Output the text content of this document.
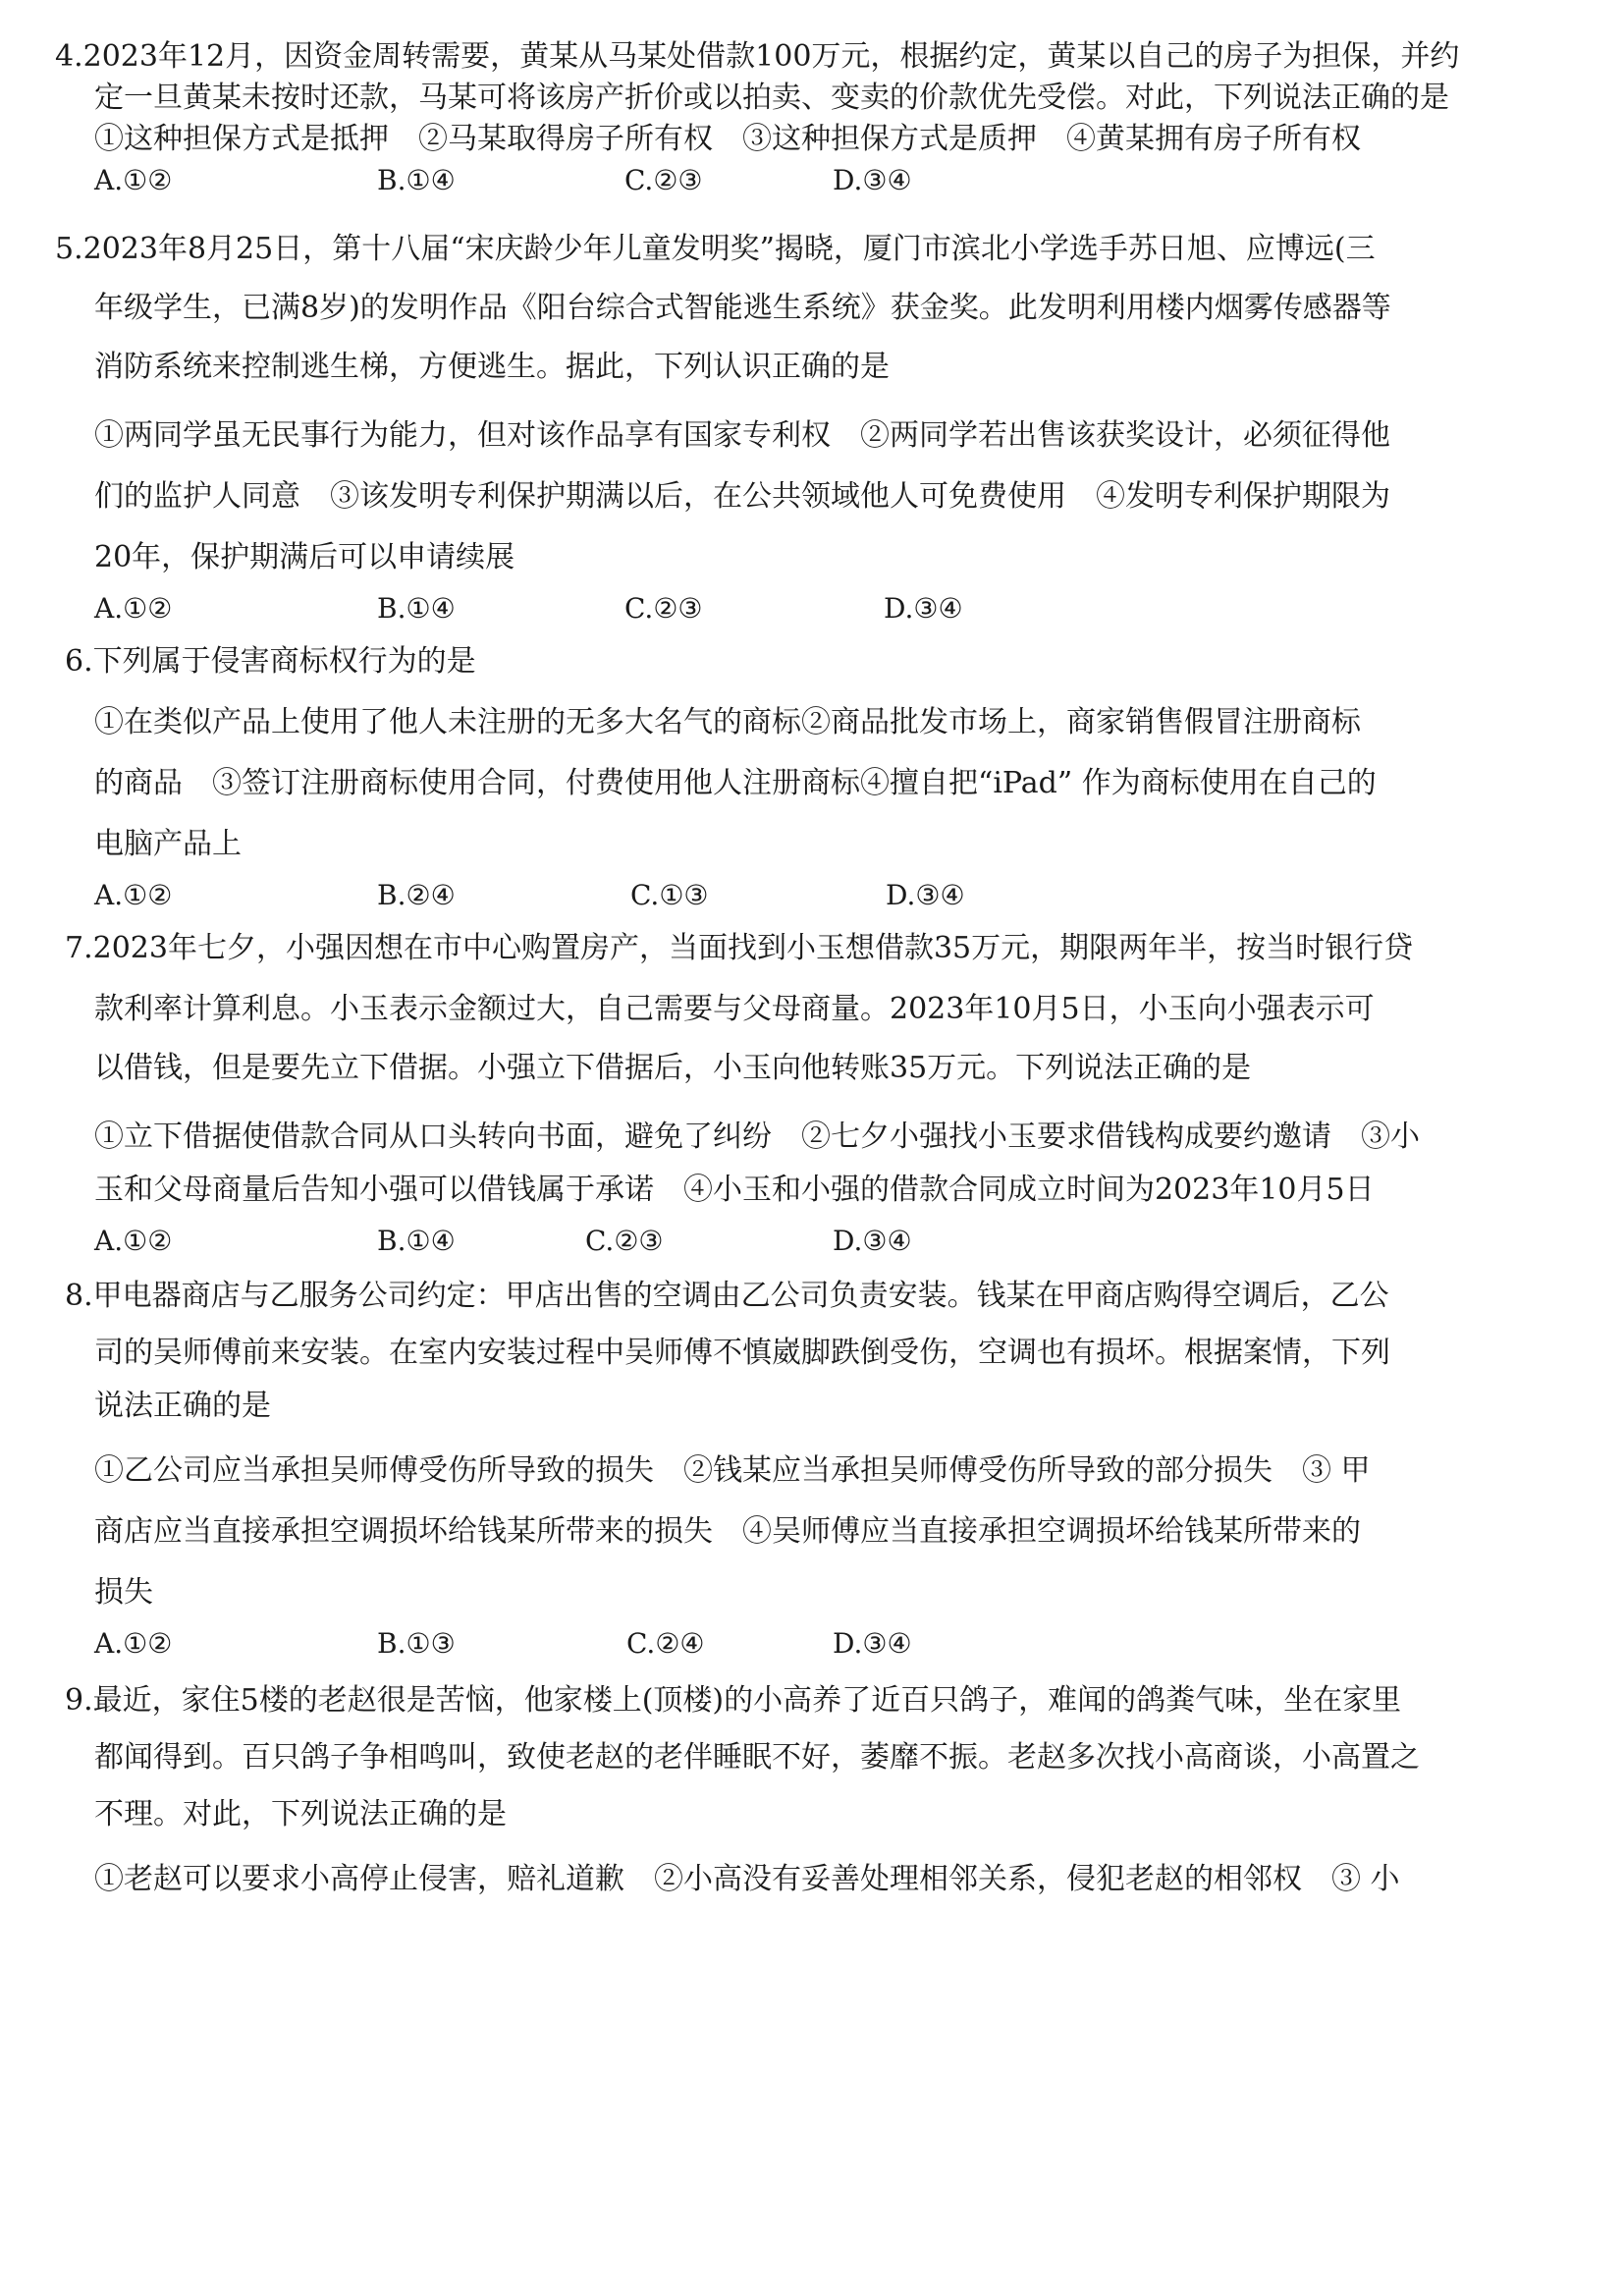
4.2023年12月，因资金周转需要，黄某从马某处借款100万元，根据约定，黄某以自己的房子为担保，并约
定一旦黄某未按时还款，马某可将该房产折价或以拍卖、变卖的价款优先受偿。对此，下列说法正确的是
①这种担保方式是抵押　②马某取得房子所有权　③这种担保方式是质押　④黄某拥有房子所有权
A.①②	B.①④	C.②③	D.③④
5.2023年8月25日，第十八届“宋庆龄少年儿童发明奖”揭晓，厦门市滨北小学选手苏日旭、应博远(三
年级学生，已满8岁)的发明作品《阳台综合式智能逃生系统》获金奖。此发明利用楼内烟雾传感器等
消防系统来控制逃生梯，方便逃生。据此，下列认识正确的是
①两同学虽无民事行为能力，但对该作品享有国家专利权　②两同学若出售该获奖设计，必须征得他
们的监护人同意　③该发明专利保护期满以后，在公共领域他人可免费使用　④发明专利保护期限为
20年，保护期满后可以申请续展
A.①②	B.①④	C.②③	D.③④
6.下列属于侵害商标权行为的是
①在类似产品上使用了他人未注册的无多大名气的商标②商品批发市场上，商家销售假冒注册商标
的商品　③签订注册商标使用合同，付费使用他人注册商标④擅自把“iPad” 作为商标使用在自己的
电脑产品上
A.①②	B.②④	C.①③	D.③④
7.2023年七夕，小强因想在市中心购置房产，当面找到小玉想借款35万元，期限两年半，按当时银行贷
款利率计算利息。小玉表示金额过大，自己需要与父母商量。2023年10月5日，小玉向小强表示可
以借钱，但是要先立下借据。小强立下借据后，小玉向他转账35万元。下列说法正确的是
①立下借据使借款合同从口头转向书面，避免了纠纷　②七夕小强找小玉要求借钱构成要约邀请　③小
玉和父母商量后告知小强可以借钱属于承诺　④小玉和小强的借款合同成立时间为2023年10月5日
A.①②	B.①④	C.②③	D.③④
8.甲电器商店与乙服务公司约定：甲店出售的空调由乙公司负责安装。钱某在甲商店购得空调后，乙公
司的吴师傅前来安装。在室内安装过程中吴师傅不慎崴脚跌倒受伤，空调也有损坏。根据案情，下列
说法正确的是
①乙公司应当承担吴师傅受伤所导致的损失　②钱某应当承担吴师傅受伤所导致的部分损失　③ 甲
商店应当直接承担空调损坏给钱某所带来的损失　④吴师傅应当直接承担空调损坏给钱某所带来的
损失
A.①②	B.①③	C.②④	D.③④
9.最近，家住5楼的老赵很是苦恼，他家楼上(顶楼)的小高养了近百只鸽子，难闻的鸽粪气味，坐在家里
都闻得到。百只鸽子争相鸣叫，致使老赵的老伴睡眠不好，萎靡不振。老赵多次找小高商谈，小高置之
不理。对此，下列说法正确的是
①老赵可以要求小高停止侵害，赔礼道歉　②小高没有妥善处理相邻关系，侵犯老赵的相邻权　③ 小
